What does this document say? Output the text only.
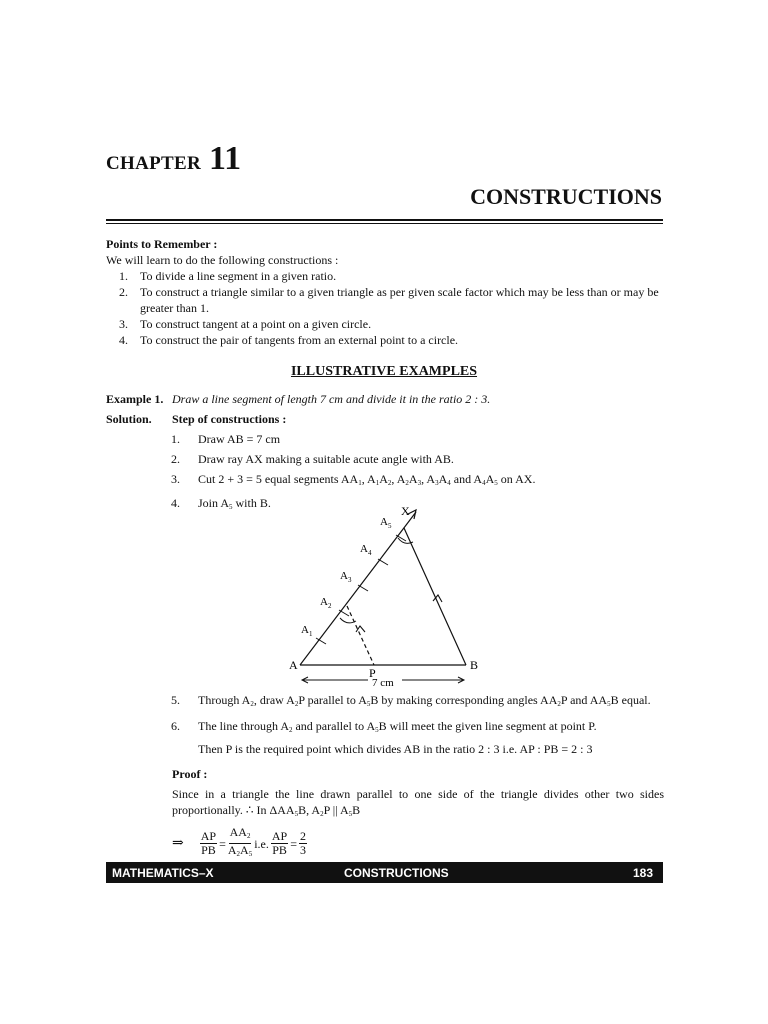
CHAPTER 11
CONSTRUCTIONS
Points to Remember :
We will learn to do the following constructions :
1. To divide a line segment in a given ratio.
2. To construct a triangle similar to a given triangle as per given scale factor which may be less than or may be greater than 1.
3. To construct tangent at a point on a given circle.
4. To construct the pair of tangents from an external point to a circle.
ILLUSTRATIVE EXAMPLES
Example 1. Draw a line segment of length 7 cm and divide it in the ratio 2 : 3.
Solution. Step of constructions :
1. Draw AB = 7 cm
2. Draw ray AX making a suitable acute angle with AB.
3. Cut 2 + 3 = 5 equal segments $AA_1$, $A_1A_2$, $A_2A_3$, $A_3A_4$ and $A_4A_5$ on AX.
4. Join $A_5$ with B.
A	B
P
X
$A_1$
$A_2$
$A_3$
$A_4$
$A_5$
7 cm
5. Through $A_2$, draw $A_2P$ parallel to $A_5B$ by making corresponding angles $AA_2P$ and $AA_5B$ equal.
6. The line through $A_2$ and parallel to $A_5B$ will meet the given line segment at point P.
Then P is the required point which divides AB in the ratio 2 : 3 i.e. AP : PB = 2 : 3
Proof :
Since in a triangle the line drawn parallel to one side of the triangle divides other two sides proportionally. ∴ In $\Delta AA_5B$, $A_2P$ || $A_5B$
⇒ $\frac{AP}{PB} = \frac{AA_2}{A_2A_5} i.e$. $\frac{AP}{PB} = \frac{2}{3}$
MATHEMATICS–X	CONSTRUCTIONS	183
